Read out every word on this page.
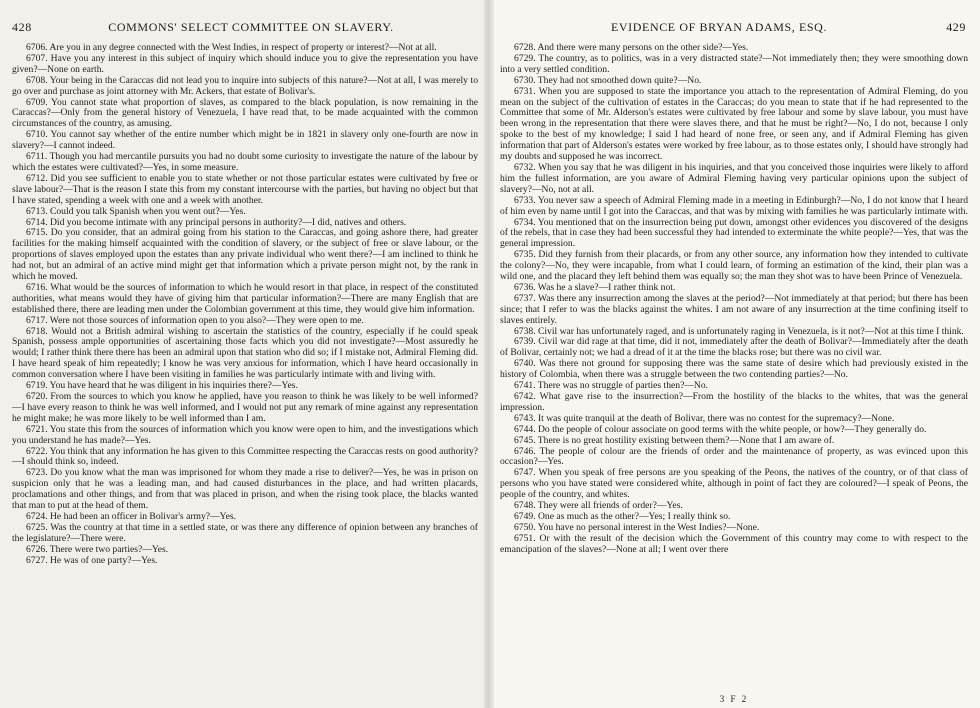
428	COMMONS' SELECT COMMITTEE ON SLAVERY.

6706. Are you in any degree connected with the West Indies, in respect of property or interest?—Not at all.

6707. Have you any interest in this subject of inquiry which should induce you to give the representation you have given?—None on earth.

6708. Your being in the Caraccas did not lead you to inquire into subjects of this nature?—Not at all, I was merely to go over and purchase as joint attorney with Mr. Ackers, that estate of Bolivar's.

6709. You cannot state what proportion of slaves, as compared to the black population, is now remaining in the Caraccas?—Only from the general history of Venezuela, I have read that, to be made acquainted with the common circumstances of the country, as amusing.

6710. You cannot say whether of the entire number which might be in 1821 in slavery only one-fourth are now in slavery?—I cannot indeed.

6711. Though you had mercantile pursuits you had no doubt some curiosity to investigate the nature of the labour by which the estates were cultivated?—Yes, in some measure.

6712. Did you see sufficient to enable you to state whether or not those particular estates were cultivated by free or slave labour?—That is the reason I state this from my constant intercourse with the parties, but having no object but that I have stated, spending a week with one and a week with another.

6713. Could you talk Spanish when you went out?—Yes.

6714. Did you become intimate with any principal persons in authority?—I did, natives and others.

6715. Do you consider, that an admiral going from his station to the Caraccas, and going ashore there, had greater facilities for the making himself acquainted with the condition of slavery, or the subject of free or slave labour, or the proportions of slaves employed upon the estates than any private individual who went there?—I am inclined to think he had not, but an admiral of an active mind might get that information which a private person might not, by the rank in which he moved.

6716. What would be the sources of information to which he would resort in that place, in respect of the constituted authorities, what means would they have of giving him that particular information?—There are many English that are established there, there are leading men under the Colombian government at this time, they would give him information.

6717. Were not those sources of information open to you also?—They were open to me.

6718. Would not a British admiral wishing to ascertain the statistics of the country, especially if he could speak Spanish, possess ample opportunities of ascertaining those facts which you did not investigate?—Most assuredly he would; I rather think there there has been an admiral upon that station who did so; if I mistake not, Admiral Fleming did. I have heard speak of him repeatedly; I know he was very anxious for information, which I have heard occasionally in common conversation where I have been visiting in families he was particularly intimate with and living with.

6719. You have heard that he was diligent in his inquiries there?—Yes.

6720. From the sources to which you know he applied, have you reason to think he was likely to be well informed?—I have every reason to think he was well informed, and I would not put any remark of mine against any representation he might make; he was more likely to be well informed than I am.

6721. You state this from the sources of information which you know were open to him, and the investigations which you understand he has made?—Yes.

6722. You think that any information he has given to this Committee respecting the Caraccas rests on good authority?—I should think so, indeed.

6723. Do you know what the man was imprisoned for whom they made a rise to deliver?—Yes, he was in prison on suspicion only that he was a leading man, and had caused disturbances in the place, and had written placards, proclamations and other things, and from that was placed in prison, and when the rising took place, the blacks wanted that man to put at the head of them.

6724. He had been an officer in Bolivar's army?—Yes.

6725. Was the country at that time in a settled state, or was there any difference of opinion between any branches of the legislature?—There were.

6726. There were two parties?—Yes.

6727. He was of one party?—Yes.

EVIDENCE OF BRYAN ADAMS, ESQ.	429

6728. And there were many persons on the other side?—Yes.

6729. The country, as to politics, was in a very distracted state?—Not immediately then; they were smoothing down into a very settled condition.

6730. They had not smoothed down quite?—No.

6731. When you are supposed to state the importance you attach to the representation of Admiral Fleming, do you mean on the subject of the cultivation of estates in the Caraccas; do you mean to state that if he had represented to the Committee that some of Mr. Alderson's estates were cultivated by free labour and some by slave labour, you must have been wrong in the representation that there were slaves there, and that he must be right?—No, I do not, because I only spoke to the best of my knowledge; I said I had heard of none free, or seen any, and if Admiral Fleming has given information that part of Alderson's estates were worked by free labour, as to those estates only, I should have strongly had my doubts and supposed he was incorrect.

6732. When you say that he was diligent in his inquiries, and that you conceived those inquiries were likely to afford him the fullest information, are you aware of Admiral Fleming having very particular opinions upon the subject of slavery?—No, not at all.

6733. You never saw a speech of Admiral Fleming made in a meeting in Edinburgh?—No, I do not know that I heard of him even by name until I got into the Caraccas, and that was by mixing with families he was particularly intimate with.

6734. You mentioned that on the insurrection being put down, amongst other evidences you discovered of the designs of the rebels, that in case they had been successful they had intended to exterminate the white people?—Yes, that was the general impression.

6735. Did they furnish from their placards, or from any other source, any information how they intended to cultivate the colony?—No, they were incapable, from what I could learn, of forming an estimation of the kind, their plan was a wild one, and the placard they left behind them was equally so; the man they shot was to have been Prince of Venezuela.

6736. Was he a slave?—I rather think not.

6737. Was there any insurrection among the slaves at the period?—Not immediately at that period; but there has been since; that I refer to was the blacks against the whites. I am not aware of any insurrection at the time confining itself to slaves entirely.

6738. Civil war has unfortunately raged, and is unfortunately raging in Venezuela, is it not?—Not at this time I think.

6739. Civil war did rage at that time, did it not, immediately after the death of Bolivar?—Immediately after the death of Bolivar, certainly not; we had a dread of it at the time the blacks rose; but there was no civil war.

6740. Was there not ground for supposing there was the same state of desire which had previously existed in the history of Colombia, when there was a struggle between the two contending parties?—No.

6741. There was no struggle of parties then?—No.

6742. What gave rise to the insurrection?—From the hostility of the blacks to the whites, that was the general impression.

6743. It was quite tranquil at the death of Bolivar, there was no contest for the supremacy?—None.

6744. Do the people of colour associate on good terms with the white people, or how?—They generally do.

6745. There is no great hostility existing between them?—None that I am aware of.

6746. The people of colour are the friends of order and the maintenance of property, as was evinced upon this occasion?—Yes.

6747. When you speak of free persons are you speaking of the Peons, the natives of the country, or of that class of persons who you have stated were considered white, although in point of fact they are coloured?—I speak of Peons, the people of the country, and whites.

6748. They were all friends of order?—Yes.

6749. One as much as the other?—Yes; I really think so.

6750. You have no personal interest in the West Indies?—None.

6751. Or with the result of the decision which the Government of this country may come to with respect to the emancipation of the slaves?—None at all; I went over there

3 F 2
